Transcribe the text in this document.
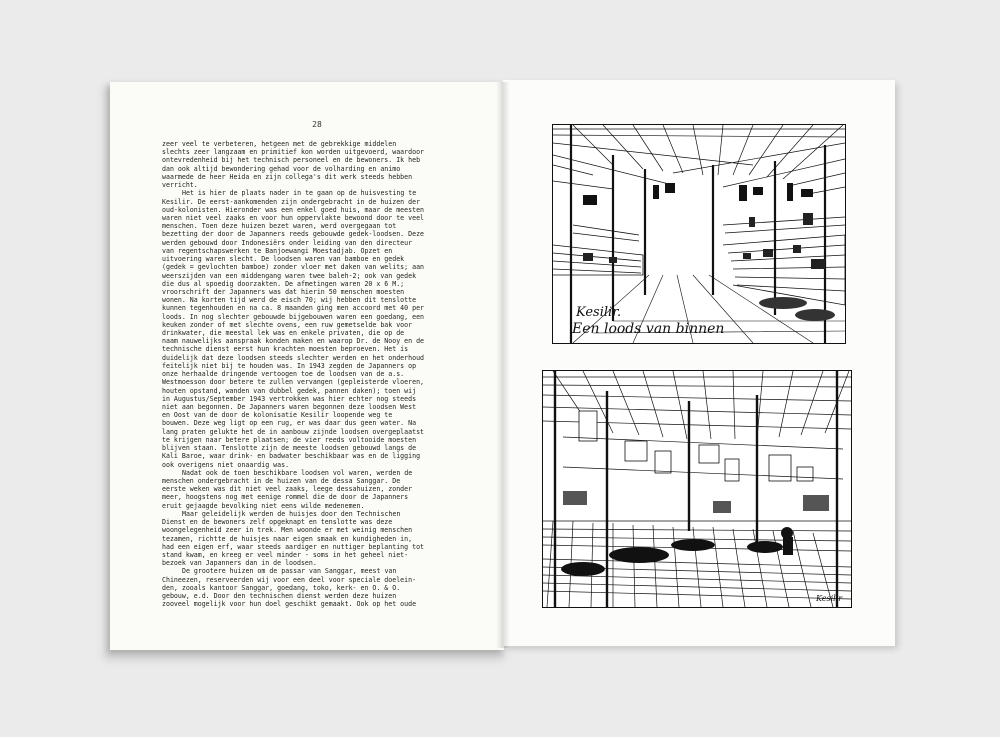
28

zeer veel te verbeteren, hetgeen met de gebrekkige middelen
slechts zeer langzaam en primitief kon worden uitgevoerd, waardoor
ontevredenheid bij het technisch personeel en de bewoners. Ik heb
dan ook altijd bewondering gehad voor de volharding en animo
waarmede de heer Heida en zijn collega's dit werk steeds hebben
verricht.

Het is hier de plaats nader in te gaan op de huisvesting te
Kesilir. De eerst-aankomenden zijn ondergebracht in de huizen der
oud-kolonisten. Hieronder was een enkel goed huis, maar de meesten
waren niet veel zaaks en voor hun oppervlakte bewoond door te veel
menschen. Toen deze huizen bezet waren, werd overgegaan tot
bezetting der door de Japanners reeds gebouwde gedek-loodsen. Deze
werden gebouwd door Indonesiërs onder leiding van den directeur
van regentschapswerken te Banjoewangi Moestadjab. Opzet en
uitvoering waren slecht. De loodsen waren van bamboe en gedek
(gedek = gevlochten bamboe) zonder vloer met daken van welits; aan
weerszijden van een middengang waren twee baleh-2; ook van gedek
die dus al spoedig doorzakten. De afmetingen waren 20 x 6 M.;
vroorschrift der Japanners was dat hierin 50 menschen moesten
wonen. Na korten tijd werd de eisch 70; wij hebben dit tenslotte
kunnen tegenhouden en na ca. 8 maanden ging men accoord met 40 per
loods. In nog slechter gebouwde bijgebouwen waren een goedang, een
keuken zonder of met slechte ovens, een ruw gemetselde bak voor
drinkwater, die meestal lek was en enkele privaten, die op de
naam nauwelijks aanspraak konden maken en waarop Dr. de Nooy en de
technische dienst eerst hun krachten moesten beproeven. Het is
duidelijk dat deze loodsen steeds slechter werden en het onderhoud
feitelijk niet bij te houden was. In 1943 zegden de Japanners op
onze herhaalde dringende vertoogen toe de loodsen van de a.s.
Westmoesson door betere te zullen vervangen (gepleisterde vloeren,
houten opstand, wanden van dubbel gedek, pannen daken); toen wij
in Augustus/September 1943 vertrokken was hier echter nog steeds
niet aan begonnen. De Japanners waren begonnen deze loodsen West
en Oost van de door de kolonisatie Kesilir loopende weg te
bouwen. Deze weg ligt op een rug, er was daar dus geen water. Na
lang praten gelukte het de in aanbouw zijnde loodsen overgeplaatst
te krijgen naar betere plaatsen; de vier reeds voltooide moesten
blijven staan. Tenslotte zijn de meeste loodsen gebouwd langs de
Kali Baroe, waar drink- en badwater beschikbaar was en de ligging
ook overigens niet onaardig was.

Nadat ook de toen beschikbare loodsen vol waren, werden de
menschen ondergebracht in de huizen van de dessa Sanggar. De
eerste weken was dit niet veel zaaks, leege dessahuizen, zonder
meer, hoogstens nog met eenige rommel die de door de Japanners
eruit gejaagde bevolking niet eens wilde medenemen.

Maar geleidelijk werden de huisjes door den Technischen
Dienst en de bewoners zelf opgeknapt en tenslotte was deze
woongelegenheid zeer in trek. Men woonde er met weinig menschen
tezamen, richtte de huisjes naar eigen smaak en kundigheden in,
had een eigen erf, waar steeds aardiger en nuttiger beplanting tot
stand kwam, en kreeg er veel minder - soms in het geheel niet-
bezoek van Japanners dan in de loodsen.

De grootere huizen om de passar van Sanggar, meest van
Chineezen, reserveerden wij voor een deel voor speciale doelein-
den, zooals kantoor Sanggar, goedang, toko, kerk- en O. & O.
gebouw, e.d. Door den technischen dienst werden deze huizen
zooveel mogelijk voor hun doel geschikt gemaakt. Ook op het oude

Kesilir.
Een loods van binnen
Kesilir
